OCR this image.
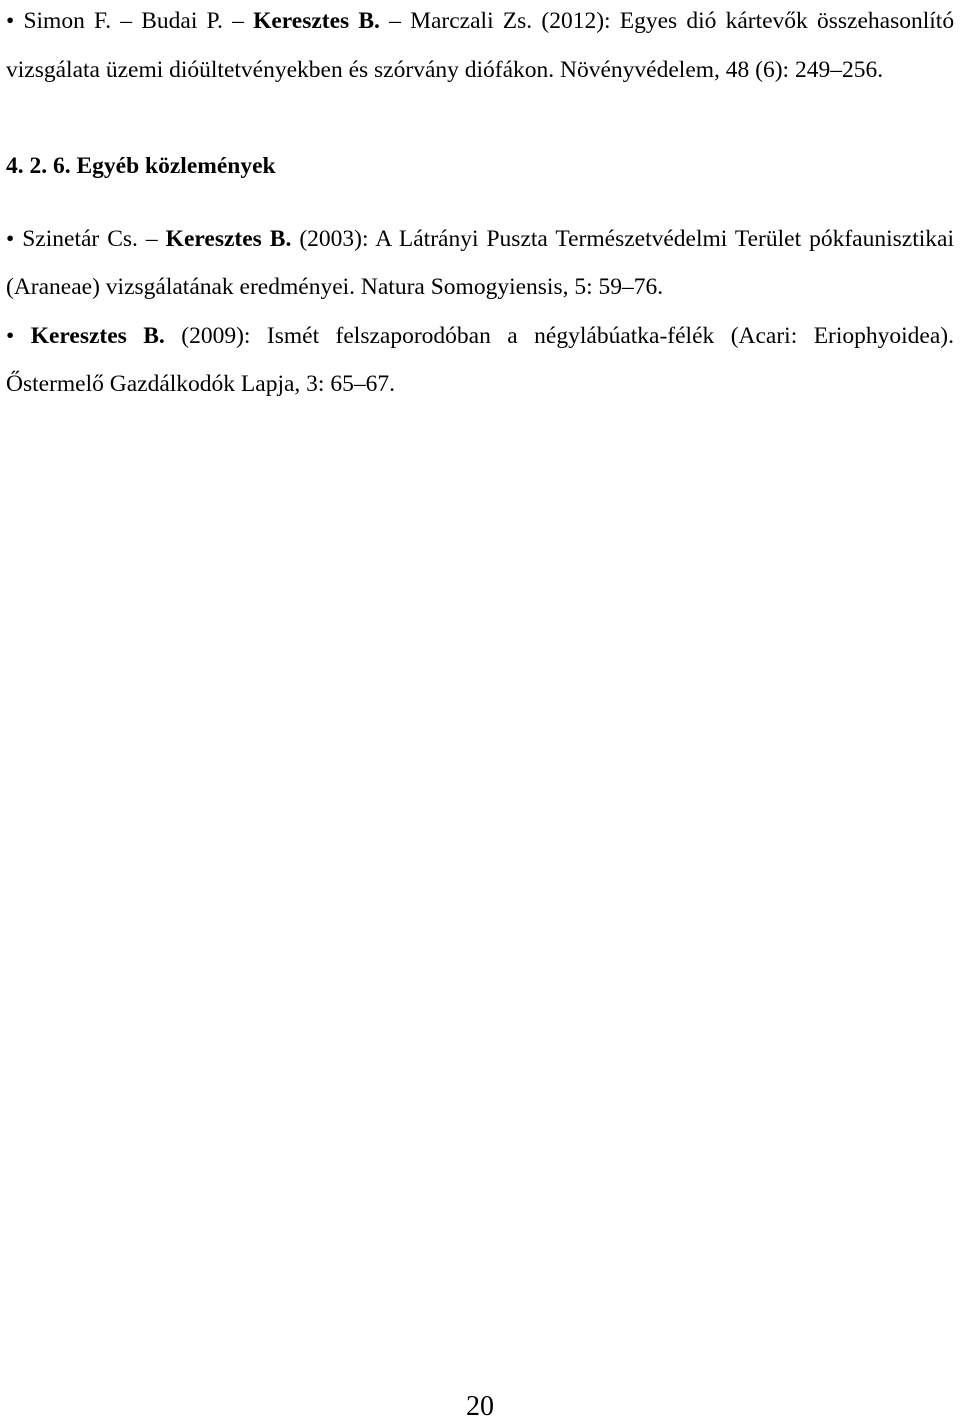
• Simon F. – Budai P. – Keresztes B. – Marczali Zs. (2012): Egyes dió kártevők összehasonlító vizsgálata üzemi dióültetvényekben és szórvány diófákon. Növényvédelem, 48 (6): 249–256.

4. 2. 6. Egyéb közlemények

• Szinetár Cs. – Keresztes B. (2003): A Látrányi Puszta Természetvédelmi Terület pókfaunisztikai (Araneae) vizsgálatának eredményei. Natura Somogyiensis, 5: 59–76.

• Keresztes B. (2009): Ismét felszaporodóban a négylábúatka-félék (Acari: Eriophyoidea). Őstermelő Gazdálkodók Lapja, 3: 65–67.

20
